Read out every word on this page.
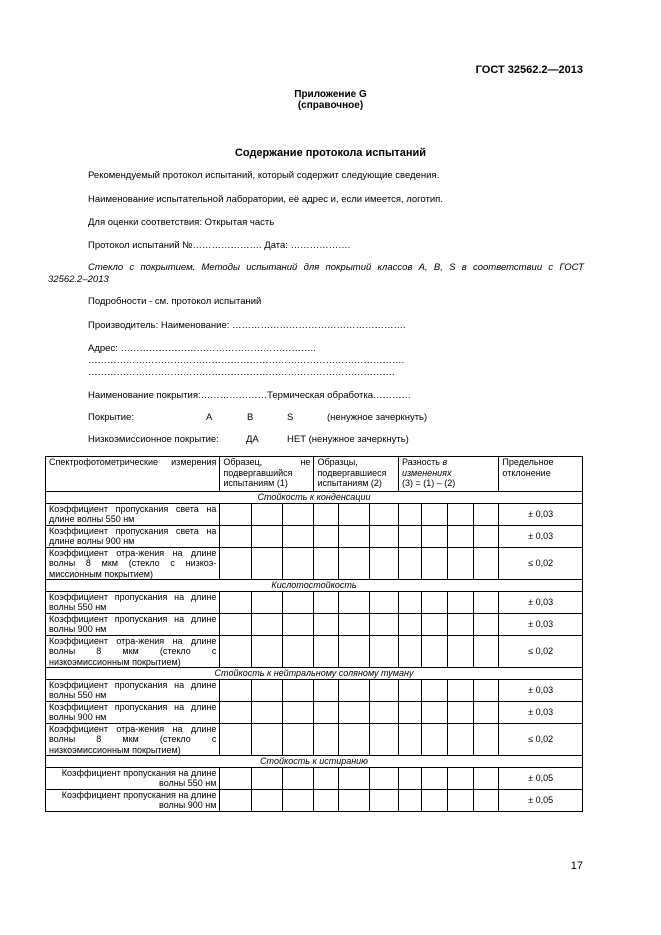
ГОСТ 32562.2—2013
Приложение G
(справочное)
Содержание протокола испытаний
Рекомендуемый протокол испытаний, который содержит следующие сведения.
Наименование испытательной лаборатории, её адрес и, если имеется, логотип.
Для оценки соответствия: Открытая часть
Протокол испытаний №…………………. Дата: ……………….
Стекло с покрытием. Методы испытаний для покрытий классов A, B, S в соответствии с ГОСТ
32562.2–2013
Подробности - см. протокол испытаний
Производитель: Наименование: ……………………………………………….
Адрес: ……………………………………………………..
……………………………………………………………………………………….
…………………………………………………………………………………….
Наименование покрытия:…………………Термическая обработка…………
Покрытие:	A	B	S	(ненужное зачеркнуть)
Низкоэмиссионное покрытие:	ДА	НЕТ (ненужное зачеркнуть)
Спектрофотометрические измерения	Образец, не подвергавшийся испытаниям (1)			Образцы, подвергавшиеся испытаниям (2)			Разность в изменениях
(3) = (1) – (2)				Предельное отклонение
Стойкость к конденсации											
Коэффициент пропускания света на длине волны 550 нм											± 0,03
Коэффициент пропускания света на длине волны 900 нм											± 0,03
Коэффициент отра-жения на длине волны 8 мкм (стекло с низкоэ-миссионным покрытием)											≤ 0,02
Кислотостойкость											
Коэффициент пропускания на длине волны 550 нм											± 0,03
Коэффициент пропускания на длине волны 900 нм											± 0,03
Коэффициент отра-жения на длине волны 8 мкм (стекло с низкоэмиссионным покрытием)											≤ 0,02
Стойкость к нейтральному соляному туману											
Коэффициент пропускания на длине волны 550 нм											± 0,03
Коэффициент пропускания на длине волны 900 нм											± 0,03
Коэффициент отра-жения на длине волны 8 мкм (стекло с низкоэмиссионным покрытием)											≤ 0,02
Стойкость к истиранию											
Коэффициент пропускания на длине волны 550 нм											± 0,05
Коэффициент пропускания на длине волны 900 нм											± 0,05
17
